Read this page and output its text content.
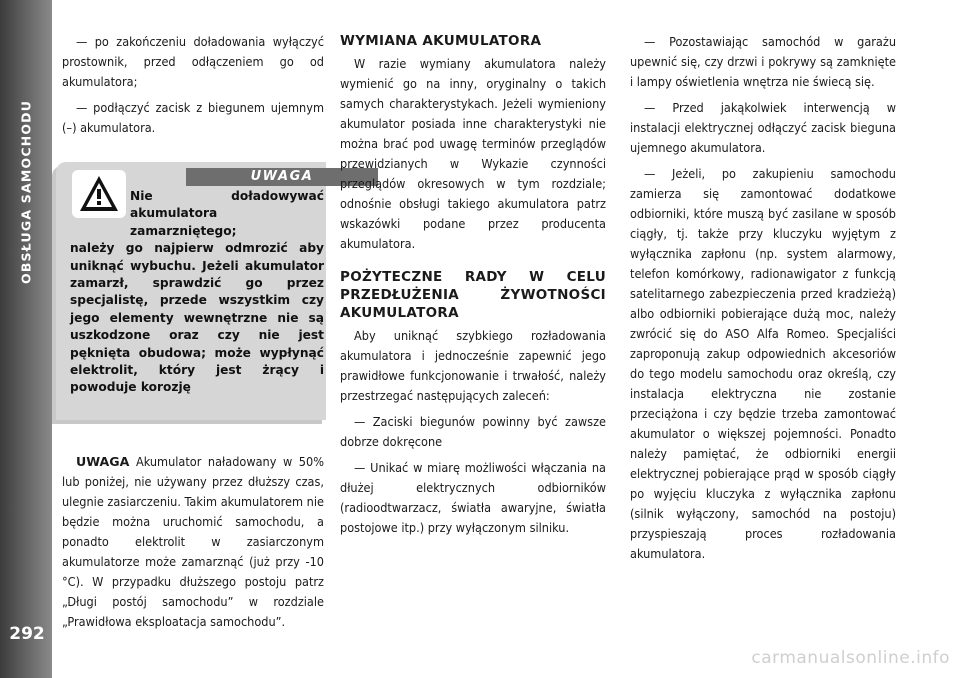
OBSŁUGA SAMOCHODU
292

— po zakończeniu doładowania wyłączyć prostownik, przed odłączeniem go od akumulatora;

— podłączyć zacisk z biegunem ujemnym (–) akumulatora.

UWAGA
Nie doładowywać akumulatora zamarzniętego;
należy go najpierw odmrozić aby uniknąć wybuchu. Jeżeli akumulator zamarzł, sprawdzić go przez specjalistę, przede wszystkim czy jego elementy wewnętrzne nie są uszkodzone oraz czy nie jest pęknięta obudowa; może wypłynąć elektrolit, który jest żrący i powoduje korozję

UWAGA Akumulator naładowany w 50% lub poniżej, nie używany przez dłuższy czas, ulegnie zasiarczeniu. Takim akumulatorem nie będzie można uruchomić samochodu, a ponadto elektrolit w zasiarczonym akumulatorze może zamarznąć (już przy -10 °C). W przypadku dłuższego postoju patrz „Długi postój samochodu” w rozdziale „Prawidłowa eksploatacja samochodu”.

WYMIANA AKUMULATORA

W razie wymiany akumulatora należy wymienić go na inny, oryginalny o takich samych charakterystykach. Jeżeli wymieniony akumulator posiada inne charakterystyki nie można brać pod uwagę terminów przeglądów przewidzianych w Wykazie czynności przeglądów okresowych w tym rozdziale; odnośnie obsługi takiego akumulatora patrz wskazówki podane przez producenta akumulatora.

POŻYTECZNE RADY W CELU PRZEDŁUŻENIA ŻYWOTNOŚCI AKUMULATORA

Aby uniknąć szybkiego rozładowania akumulatora i jednocześnie zapewnić jego prawidłowe funkcjonowanie i trwałość, należy przestrzegać następujących zaleceń:

— Zaciski biegunów powinny być zawsze dobrze dokręcone

— Unikać w miarę możliwości włączania na dłużej elektrycznych odbiorników (radioodtwarzacz, światła awaryjne, światła postojowe itp.) przy wyłączonym silniku.

— Pozostawiając samochód w garażu upewnić się, czy drzwi i pokrywy są zamknięte i lampy oświetlenia wnętrza nie świecą się.

— Przed jakąkolwiek interwencją w instalacji elektrycznej odłączyć zacisk bieguna ujemnego akumulatora.

— Jeżeli, po zakupieniu samochodu zamierza się zamontować dodatkowe odbiorniki, które muszą być zasilane w sposób ciągły, tj. także przy kluczyku wyjętym z wyłącznika zapłonu (np. system alarmowy, telefon komórkowy, radionawigator z funkcją satelitarnego zabezpieczenia przed kradzieżą) albo odbiorniki pobierające dużą moc, należy zwrócić się do ASO Alfa Romeo. Specjaliści zaproponują zakup odpowiednich akcesoriów do tego modelu samochodu oraz określą, czy instalacja elektryczna nie zostanie przeciążona i czy będzie trzeba zamontować akumulator o większej pojemności. Ponadto należy pamiętać, że odbiorniki energii elektrycznej pobierające prąd w sposób ciągły po wyjęciu kluczyka z wyłącznika zapłonu (silnik wyłączony, samochód na postoju) przyspieszają proces rozładowania akumulatora.

carmanualsonline.info
